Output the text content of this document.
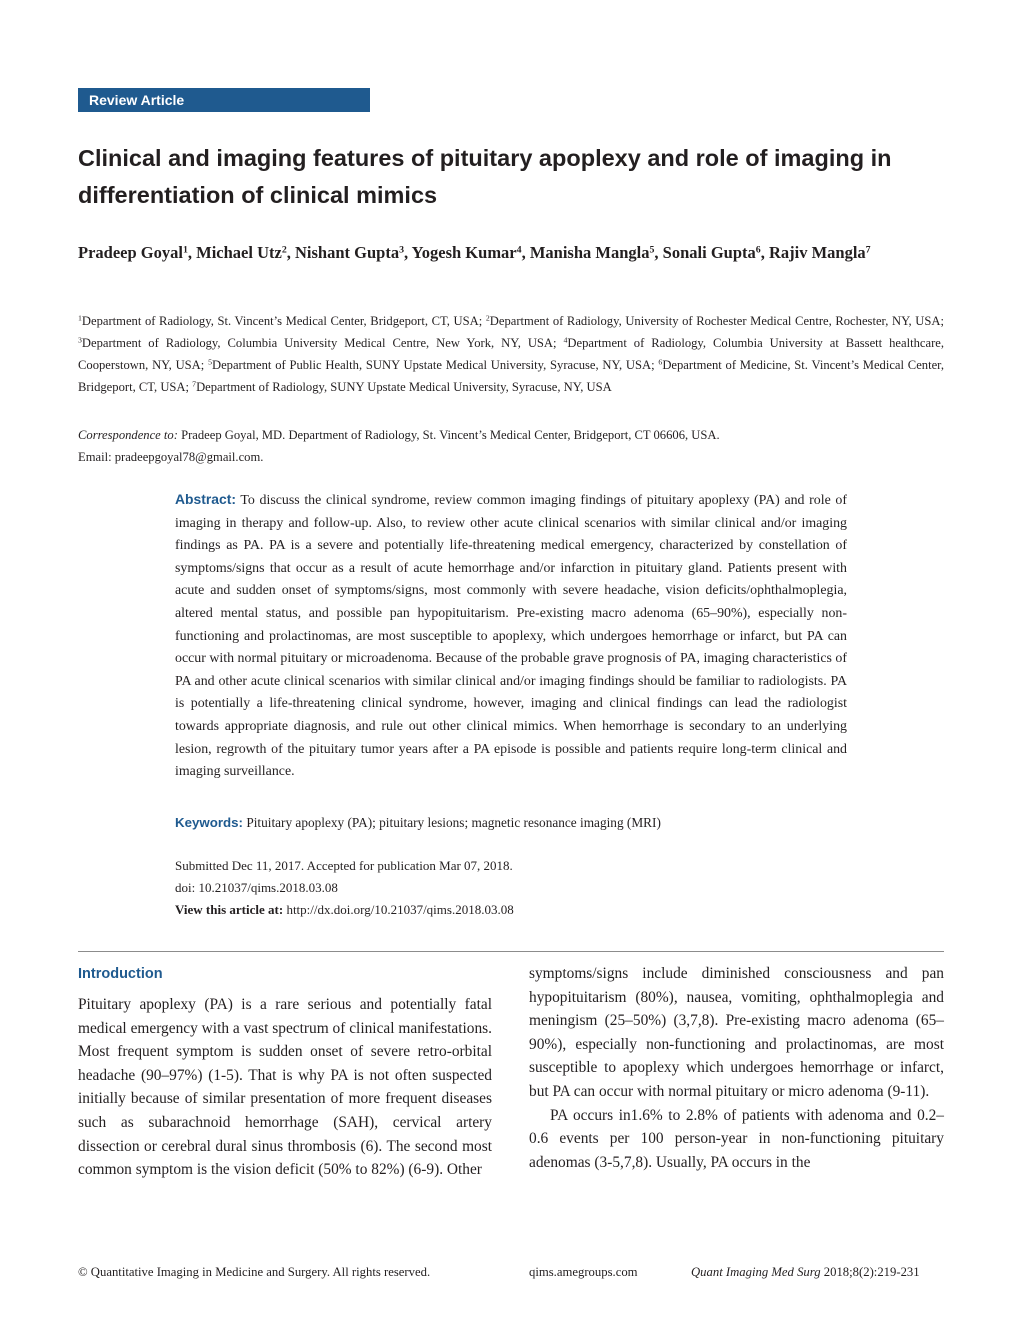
Review Article
Clinical and imaging features of pituitary apoplexy and role of imaging in differentiation of clinical mimics
Pradeep Goyal$^1$, Michael Utz$^2$, Nishant Gupta$^3$, Yogesh Kumar$^4$, Manisha Mangla$^5$, Sonali Gupta$^6$, Rajiv Mangla$^7$
$^1$Department of Radiology, St. Vincent’s Medical Center, Bridgeport, CT, USA; $^2$Department of Radiology, University of Rochester Medical Centre, Rochester, NY, USA; $^3$Department of Radiology, Columbia University Medical Centre, New York, NY, USA; $^4$Department of Radiology, Columbia University at Bassett healthcare, Cooperstown, NY, USA; $^5$Department of Public Health, SUNY Upstate Medical University, Syracuse, NY, USA; $^6$Department of Medicine, St. Vincent’s Medical Center, Bridgeport, CT, USA; $^7$Department of Radiology, SUNY Upstate Medical University, Syracuse, NY, USA
Correspondence to: Pradeep Goyal, MD. Department of Radiology, St. Vincent’s Medical Center, Bridgeport, CT 06606, USA.
Email: pradeepgoyal78@gmail.com.
Abstract: To discuss the clinical syndrome, review common imaging findings of pituitary apoplexy (PA) and role of imaging in therapy and follow-up. Also, to review other acute clinical scenarios with similar clinical and/or imaging findings as PA. PA is a severe and potentially life-threatening medical emergency, characterized by constellation of symptoms/signs that occur as a result of acute hemorrhage and/or infarction in pituitary gland. Patients present with acute and sudden onset of symptoms/signs, most commonly with severe headache, vision deficits/ophthalmoplegia, altered mental status, and possible pan hypopituitarism. Pre-existing macro adenoma (65–90%), especially non-functioning and prolactinomas, are most susceptible to apoplexy, which undergoes hemorrhage or infarct, but PA can occur with normal pituitary or microadenoma. Because of the probable grave prognosis of PA, imaging characteristics of PA and other acute clinical scenarios with similar clinical and/or imaging findings should be familiar to radiologists. PA is potentially a life-threatening clinical syndrome, however, imaging and clinical findings can lead the radiologist towards appropriate diagnosis, and rule out other clinical mimics. When hemorrhage is secondary to an underlying lesion, regrowth of the pituitary tumor years after a PA episode is possible and patients require long-term clinical and imaging surveillance.
Keywords: Pituitary apoplexy (PA); pituitary lesions; magnetic resonance imaging (MRI)
Submitted Dec 11, 2017. Accepted for publication Mar 07, 2018.
doi: 10.21037/qims.2018.03.08
View this article at: http://dx.doi.org/10.21037/qims.2018.03.08
Introduction
Pituitary apoplexy (PA) is a rare serious and potentially fatal medical emergency with a vast spectrum of clinical manifestations. Most frequent symptom is sudden onset of severe retro-orbital headache (90–97%) (1-5). That is why PA is not often suspected initially because of similar presentation of more frequent diseases such as subarachnoid hemorrhage (SAH), cervical artery dissection or cerebral dural sinus thrombosis (6). The second most common symptom is the vision deficit (50% to 82%) (6-9). Other
symptoms/signs include diminished consciousness and pan hypopituitarism (80%), nausea, vomiting, ophthalmoplegia and meningism (25–50%) (3,7,8). Pre-existing macro adenoma (65–90%), especially non-functioning and prolactinomas, are most susceptible to apoplexy which undergoes hemorrhage or infarct, but PA can occur with normal pituitary or micro adenoma (9-11).
PA occurs in1.6% to 2.8% of patients with adenoma and 0.2–0.6 events per 100 person-year in non-functioning pituitary adenomas (3-5,7,8). Usually, PA occurs in the
© Quantitative Imaging in Medicine and Surgery. All rights reserved.	qims.amegroups.com	Quant Imaging Med Surg 2018;8(2):219-231
